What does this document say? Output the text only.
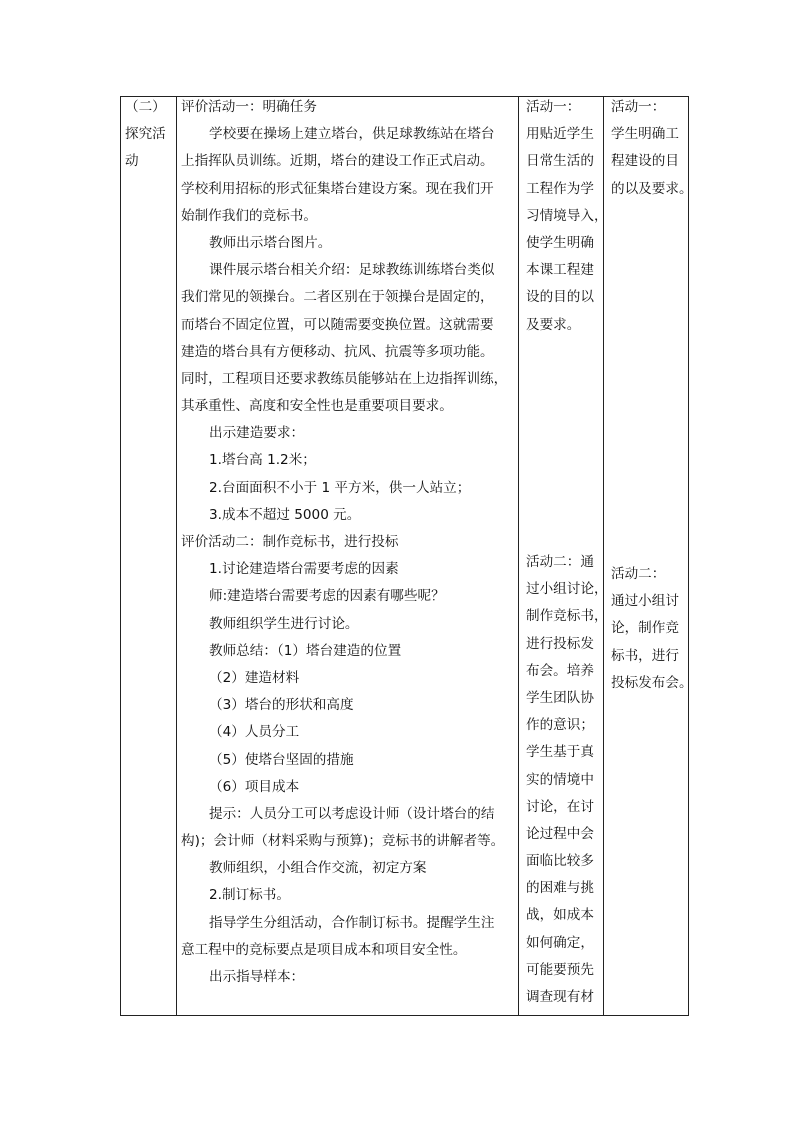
（二）
探究活
动
评价活动一：明确任务
学校要在操场上建立塔台，供足球教练站在塔台
上指挥队员训练。近期，塔台的建设工作正式启动。
学校利用招标的形式征集塔台建设方案。现在我们开
始制作我们的竞标书。
教师出示塔台图片。
课件展示塔台相关介绍：足球教练训练塔台类似
我们常见的领操台。二者区别在于领操台是固定的，
而塔台不固定位置，可以随需要变换位置。这就需要
建造的塔台具有方便移动、抗风、抗震等多项功能。
同时，工程项目还要求教练员能够站在上边指挥训练，
其承重性、高度和安全性也是重要项目要求。
出示建造要求：
1.塔台高 1.2米；
2.台面面积不小于 1 平方米，供一人站立；
3.成本不超过 5000 元。
评价活动二：制作竞标书，进行投标
1.讨论建造塔台需要考虑的因素
师:建造塔台需要考虑的因素有哪些呢？
教师组织学生进行讨论。
教师总结：（1）塔台建造的位置
（2）建造材料
（3）塔台的形状和高度
（4）人员分工
（5）使塔台坚固的措施
（6）项目成本
提示：人员分工可以考虑设计师（设计塔台的结
构)；会计师（材料采购与预算)；竞标书的讲解者等。
教师组织，小组合作交流，初定方案
2.制订标书。
指导学生分组活动，合作制订标书。提醒学生注
意工程中的竞标要点是项目成本和项目安全性。
出示指导样本：
活动一：
用贴近学生
日常生活的
工程作为学
习情境导入，
使学生明确
本课工程建
设的目的以
及要求。
活动二：通
过小组讨论，
制作竞标书，
进行投标发
布会。培养
学生团队协
作的意识；
学生基于真
实的情境中
讨论，在讨
论过程中会
面临比较多
的困难与挑
战，如成本
如何确定，
可能要预先
调查现有材
活动一：
学生明确工
程建设的目
的以及要求。
活动二：
通过小组讨
论，制作竞
标书，进行
投标发布会。
